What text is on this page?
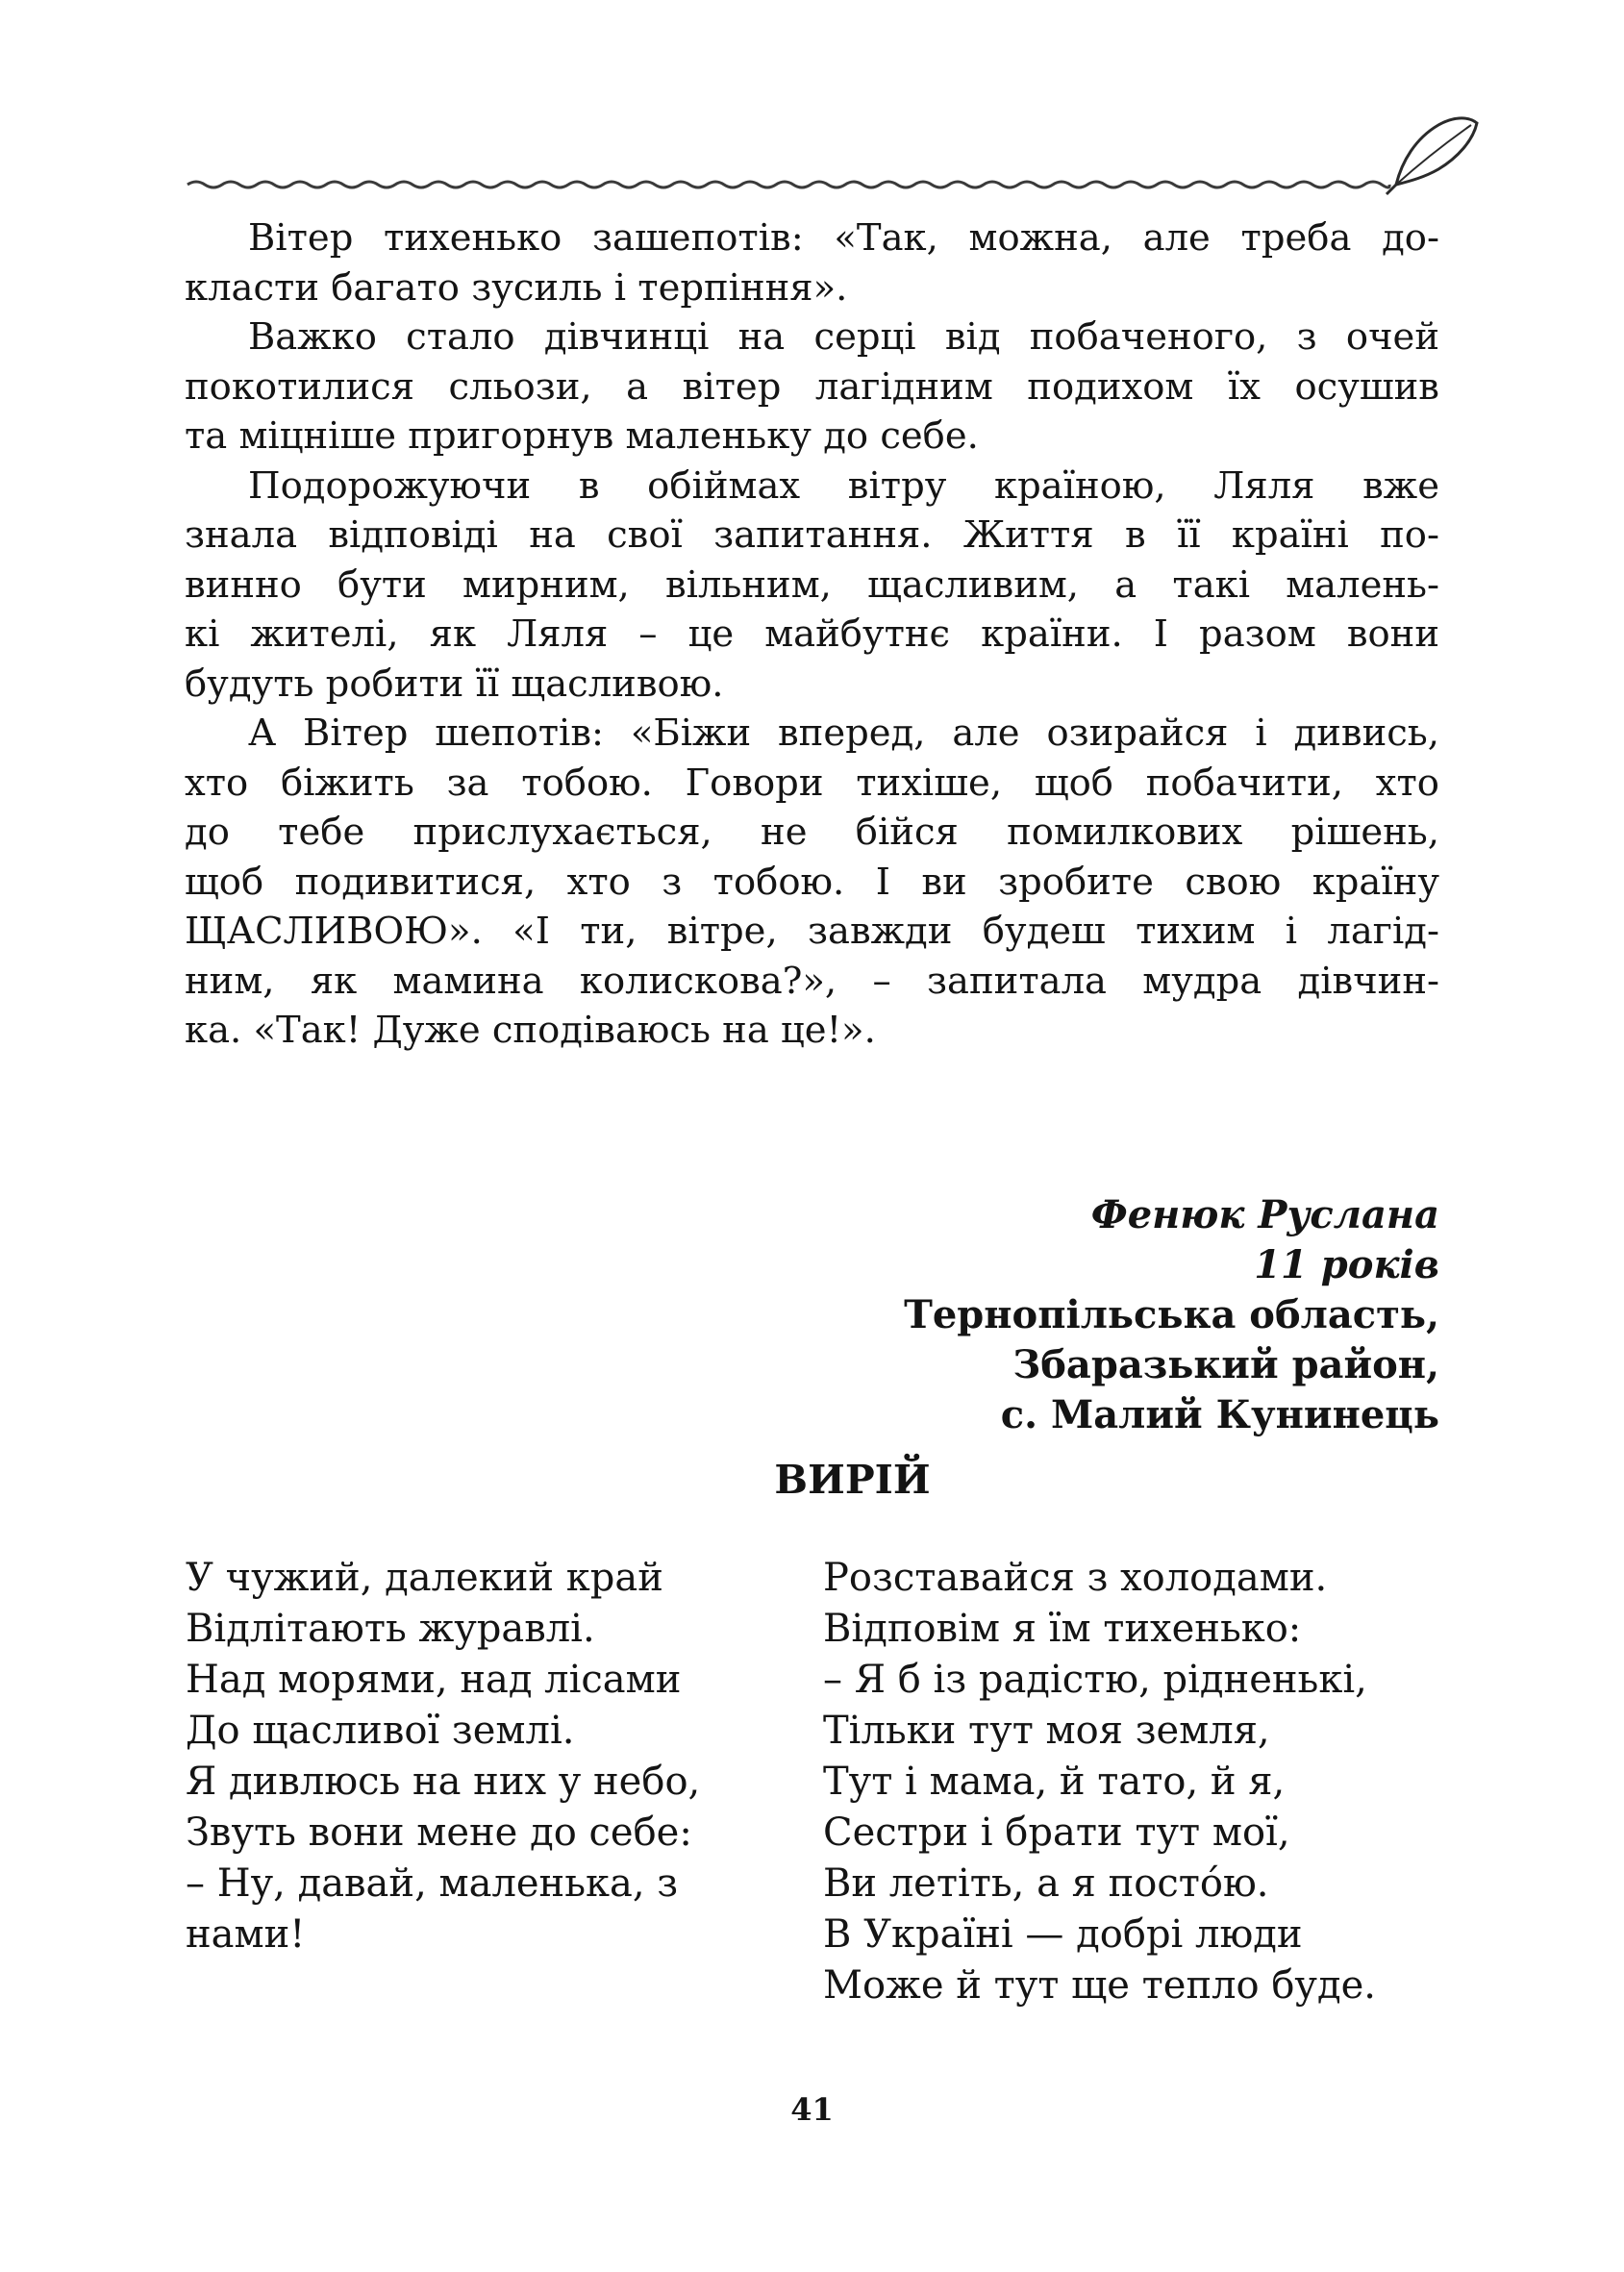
Вітер тихенько зашепотів: «Так, можна, але треба до-
класти багато зусиль і терпіння».
Важко стало дівчинці на серці від побаченого, з очей
покотилися сльози, а вітер лагідним подихом їх осушив
та міцніше пригорнув маленьку до себе.
Подорожуючи в обіймах вітру країною, Ляля вже
знала відповіді на свої запитання. Життя в її країні по-
винно бути мирним, вільним, щасливим, а такі малень-
кі жителі, як Ляля – це майбутнє країни. І разом вони
будуть робити її щасливою.
А Вітер шепотів: «Біжи вперед, але озирайся і дивись,
хто біжить за тобою. Говори тихіше, щоб побачити, хто
до тебе прислухається, не бійся помилкових рішень,
щоб подивитися, хто з тобою. І ви зробите свою країну
ЩАСЛИВОЮ». «І ти, вітре, завжди будеш тихим і лагід-
ним, як мамина колискова?», – запитала мудра дівчин-
ка. «Так! Дуже сподіваюсь на це!».
Фенюк Руслана
11 років
Тернопільська область,
Збаразький район,
с. Малий Кунинець
ВИРІЙ
У чужий, далекий край
Відлітають журавлі.
Над морями, над лісами
До щасливої землі.
Я дивлюсь на них у небо,
Звуть вони мене до себе:
– Ну, давай, маленька, з
нами!
Розставайся з холодами.
Відповім я їм тихенько:
– Я б із радістю, рідненькі,
Тільки тут моя земля,
Тут і мама, й тато, й я,
Сестри і брати тут мої,
Ви летіть, а я постóю.
В Україні — добрі люди
Може й тут ще тепло буде.
41
